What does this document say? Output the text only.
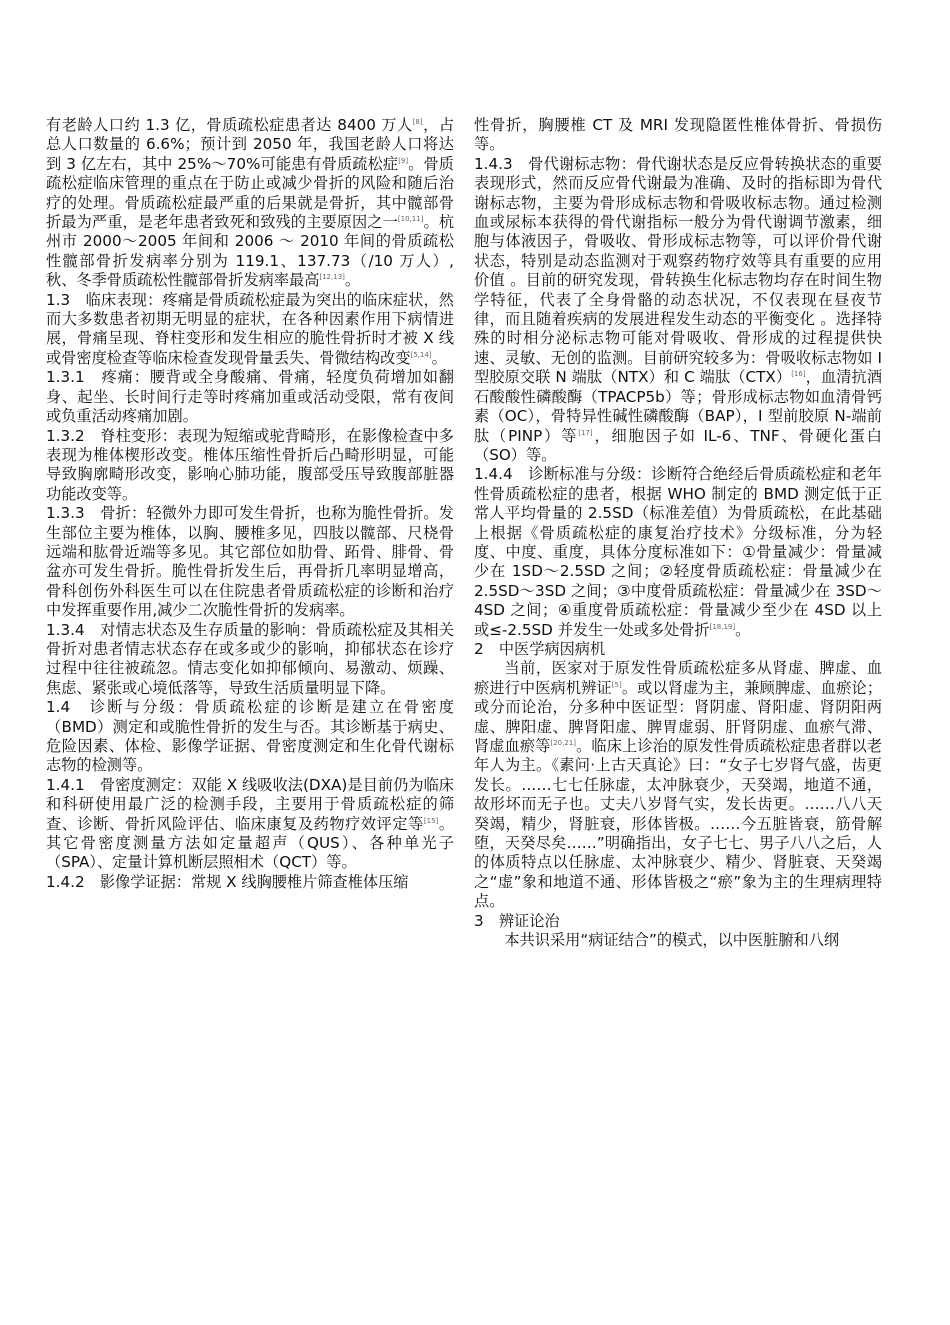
有老龄人口约 1.3 亿，骨质疏松症患者达 8400 万人[8]，占总人口数量的 6.6%；预计到 2050 年，我国老龄人口将达到 3 亿左右，其中 25%～70%可能患有骨质疏松症[9]。骨质疏松症临床管理的重点在于防止或减少骨折的风险和随后治疗的处理。骨质疏松症最严重的后果就是骨折，其中髋部骨折最为严重，是老年患者致死和致残的主要原因之一[10,11]。杭州市 2000～2005 年间和 2006 ～ 2010 年间的骨质疏松性髋部骨折发病率分别为 119.1、137.73（/10 万人）,秋、冬季骨质疏松性髋部骨折发病率最高[12,13]。

1.3　临床表现：疼痛是骨质疏松症最为突出的临床症状，然而大多数患者初期无明显的症状，在各种因素作用下病情进展，骨痛呈现、脊柱变形和发生相应的脆性骨折时才被 X 线或骨密度检查等临床检查发现骨量丢失、骨微结构改变[5,14]。

1.3.1　疼痛：腰背或全身酸痛、骨痛，轻度负荷增加如翻身、起坐、长时间行走等时疼痛加重或活动受限，常有夜间或负重活动疼痛加剧。

1.3.2　脊柱变形：表现为短缩或驼背畸形，在影像检查中多表现为椎体楔形改变。椎体压缩性骨折后凸畸形明显，可能导致胸廓畸形改变，影响心肺功能，腹部受压导致腹部脏器功能改变等。

1.3.3　骨折：轻微外力即可发生骨折，也称为脆性骨折。发生部位主要为椎体，以胸、腰椎多见，四肢以髋部、尺桡骨远端和肱骨近端等多见。其它部位如肋骨、跖骨、腓骨、骨盆亦可发生骨折。脆性骨折发生后，再骨折几率明显增高，骨科创伤外科医生可以在住院患者骨质疏松症的诊断和治疗中发挥重要作用,减少二次脆性骨折的发病率。

1.3.4　对情志状态及生存质量的影响：骨质疏松症及其相关骨折对患者情志状态存在或多或少的影响，抑郁状态在诊疗过程中往往被疏忽。情志变化如抑郁倾向、易激动、烦躁、焦虑、紧张或心境低落等，导致生活质量明显下降。

1.4　诊断与分级：骨质疏松症的诊断是建立在骨密度（BMD）测定和或脆性骨折的发生与否。其诊断基于病史、危险因素、体检、影像学证据、骨密度测定和生化骨代谢标志物的检测等。

1.4.1　骨密度测定：双能 X 线吸收法(DXA)是目前仍为临床和科研使用最广泛的检测手段，主要用于骨质疏松症的筛查、诊断、骨折风险评估、临床康复及药物疗效评定等[15]。其它骨密度测量方法如定量超声（QUS）、各种单光子（SPA）、定量计算机断层照相术（QCT）等。

1.4.2　影像学证据：常规 X 线胸腰椎片筛查椎体压缩

性骨折，胸腰椎 CT 及 MRI 发现隐匿性椎体骨折、骨损伤等。

1.4.3　骨代谢标志物：骨代谢状态是反应骨转换状态的重要表现形式，然而反应骨代谢最为准确、及时的指标即为骨代谢标志物，主要为骨形成标志物和骨吸收标志物。通过检测血或尿标本获得的骨代谢指标一般分为骨代谢调节激素，细胞与体液因子，骨吸收、骨形成标志物等，可以评价骨代谢状态，特别是动态监测对于观察药物疗效等具有重要的应用价值 。目前的研究发现，骨转换生化标志物均存在时间生物学特征，代表了全身骨骼的动态状况，不仅表现在昼夜节律，而且随着疾病的发展进程发生动态的平衡变化 。选择特殊的时相分泌标志物可能对骨吸收、骨形成的过程提供快速、灵敏、无创的监测。目前研究较多为：骨吸收标志物如 Ⅰ 型胶原交联 N 端肽（NTX）和 C 端肽（CTX）[16]，血清抗酒石酸酸性磷酸酶（TPACP5b）等；骨形成标志物如血清骨钙素（OC），骨特异性碱性磷酸酶（BAP），Ⅰ 型前胶原 N-端前肽（PINP）等[17]，细胞因子如 IL-6、TNF、骨硬化蛋白（SO）等。

1.4.4　诊断标准与分级：诊断符合绝经后骨质疏松症和老年性骨质疏松症的患者，根据 WHO 制定的 BMD 测定低于正常人平均骨量的 2.5SD（标准差值）为骨质疏松，在此基础上根据《骨质疏松症的康复治疗技术》分级标准，分为轻度、中度、重度，具体分度标准如下：①骨量减少：骨量减少在 1SD～2.5SD 之间；②轻度骨质疏松症：骨量减少在 2.5SD～3SD 之间；③中度骨质疏松症：骨量减少在 3SD～4SD 之间；④重度骨质疏松症：骨量减少至少在 4SD 以上或≤-2.5SD 并发生一处或多处骨折[18,19]。

2　中医学病因病机

当前，医家对于原发性骨质疏松症多从肾虚、脾虚、血瘀进行中医病机辨证[5]。或以肾虚为主，兼顾脾虚、血瘀论；或分而论治，分多种中医证型：肾阴虚、肾阳虚、肾阴阳两虚、脾阳虚、脾肾阳虚、脾胃虚弱、肝肾阴虚、血瘀气滞、肾虚血瘀等[20,21]。临床上诊治的原发性骨质疏松症患者群以老年人为主。《素问·上古天真论》曰：“女子七岁肾气盛，齿更发长。……七七任脉虚，太冲脉衰少，天癸竭，地道不通，故形坏而无子也。丈夫八岁肾气实，发长齿更。……八八天癸竭，精少，肾脏衰，形体皆极。……今五脏皆衰，筋骨解堕，天癸尽矣……”明确指出，女子七七、男子八八之后，人的体质特点以任脉虚、太冲脉衰少、精少、肾脏衰、天癸竭之“虚”象和地道不通、形体皆极之“瘀”象为主的生理病理特点。

3　辨证论治

本共识采用“病证结合”的模式，以中医脏腑和八纲
